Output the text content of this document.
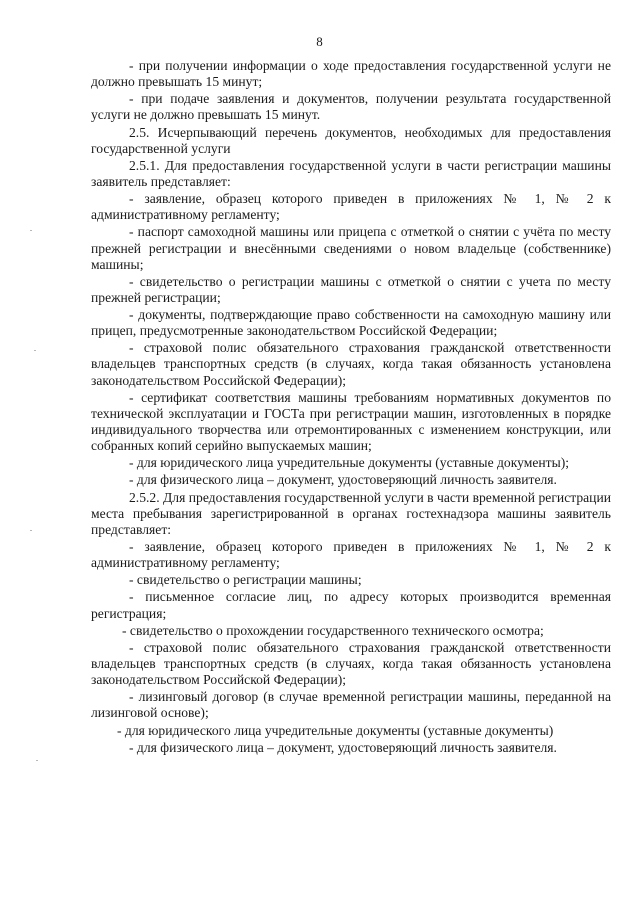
8

- при получении информации о ходе предоставления государственной услуги не должно превышать 15 минут;

- при подаче заявления и документов, получении результата государственной услуги не должно превышать 15 минут.

2.5. Исчерпывающий перечень документов, необходимых для предоставления государственной услуги

2.5.1. Для предоставления государственной услуги в части регистрации машины заявитель представляет:

- заявление, образец которого приведен в приложениях № 1, № 2 к административному регламенту;

- паспорт самоходной машины или прицепа с отметкой о снятии с учёта по месту прежней регистрации и внесёнными сведениями о новом владельце (собственнике) машины;

- свидетельство о регистрации машины с отметкой о снятии с учета по месту прежней регистрации;

- документы, подтверждающие право собственности на самоходную машину или прицеп, предусмотренные законодательством Российской Федерации;

- страховой полис обязательного страхования гражданской ответственности владельцев транспортных средств (в случаях, когда такая обязанность установлена законодательством Российской Федерации);

- сертификат соответствия машины требованиям нормативных документов по технической эксплуатации и ГОСТа при регистрации машин, изготовленных в порядке индивидуального творчества или отремонтированных с изменением конструкции, или собранных копий серийно выпускаемых машин;

- для юридического лица учредительные документы (уставные документы);

- для физического лица – документ, удостоверяющий личность заявителя.

2.5.2. Для предоставления государственной услуги в части временной регистрации места пребывания зарегистрированной в органах гостехнадзора машины заявитель представляет:

- заявление, образец которого приведен в приложениях № 1, № 2 к административному регламенту;

- свидетельство о регистрации машины;

- письменное согласие лиц, по адресу которых производится временная регистрация;

- свидетельство о прохождении государственного технического осмотра;

- страховой полис обязательного страхования гражданской ответственности владельцев транспортных средств (в случаях, когда такая обязанность установлена законодательством Российской Федерации);

- лизинговый договор (в случае временной регистрации машины, переданной на лизинговой основе);

- для юридического лица учредительные документы (уставные документы)

- для физического лица – документ, удостоверяющий личность заявителя.
